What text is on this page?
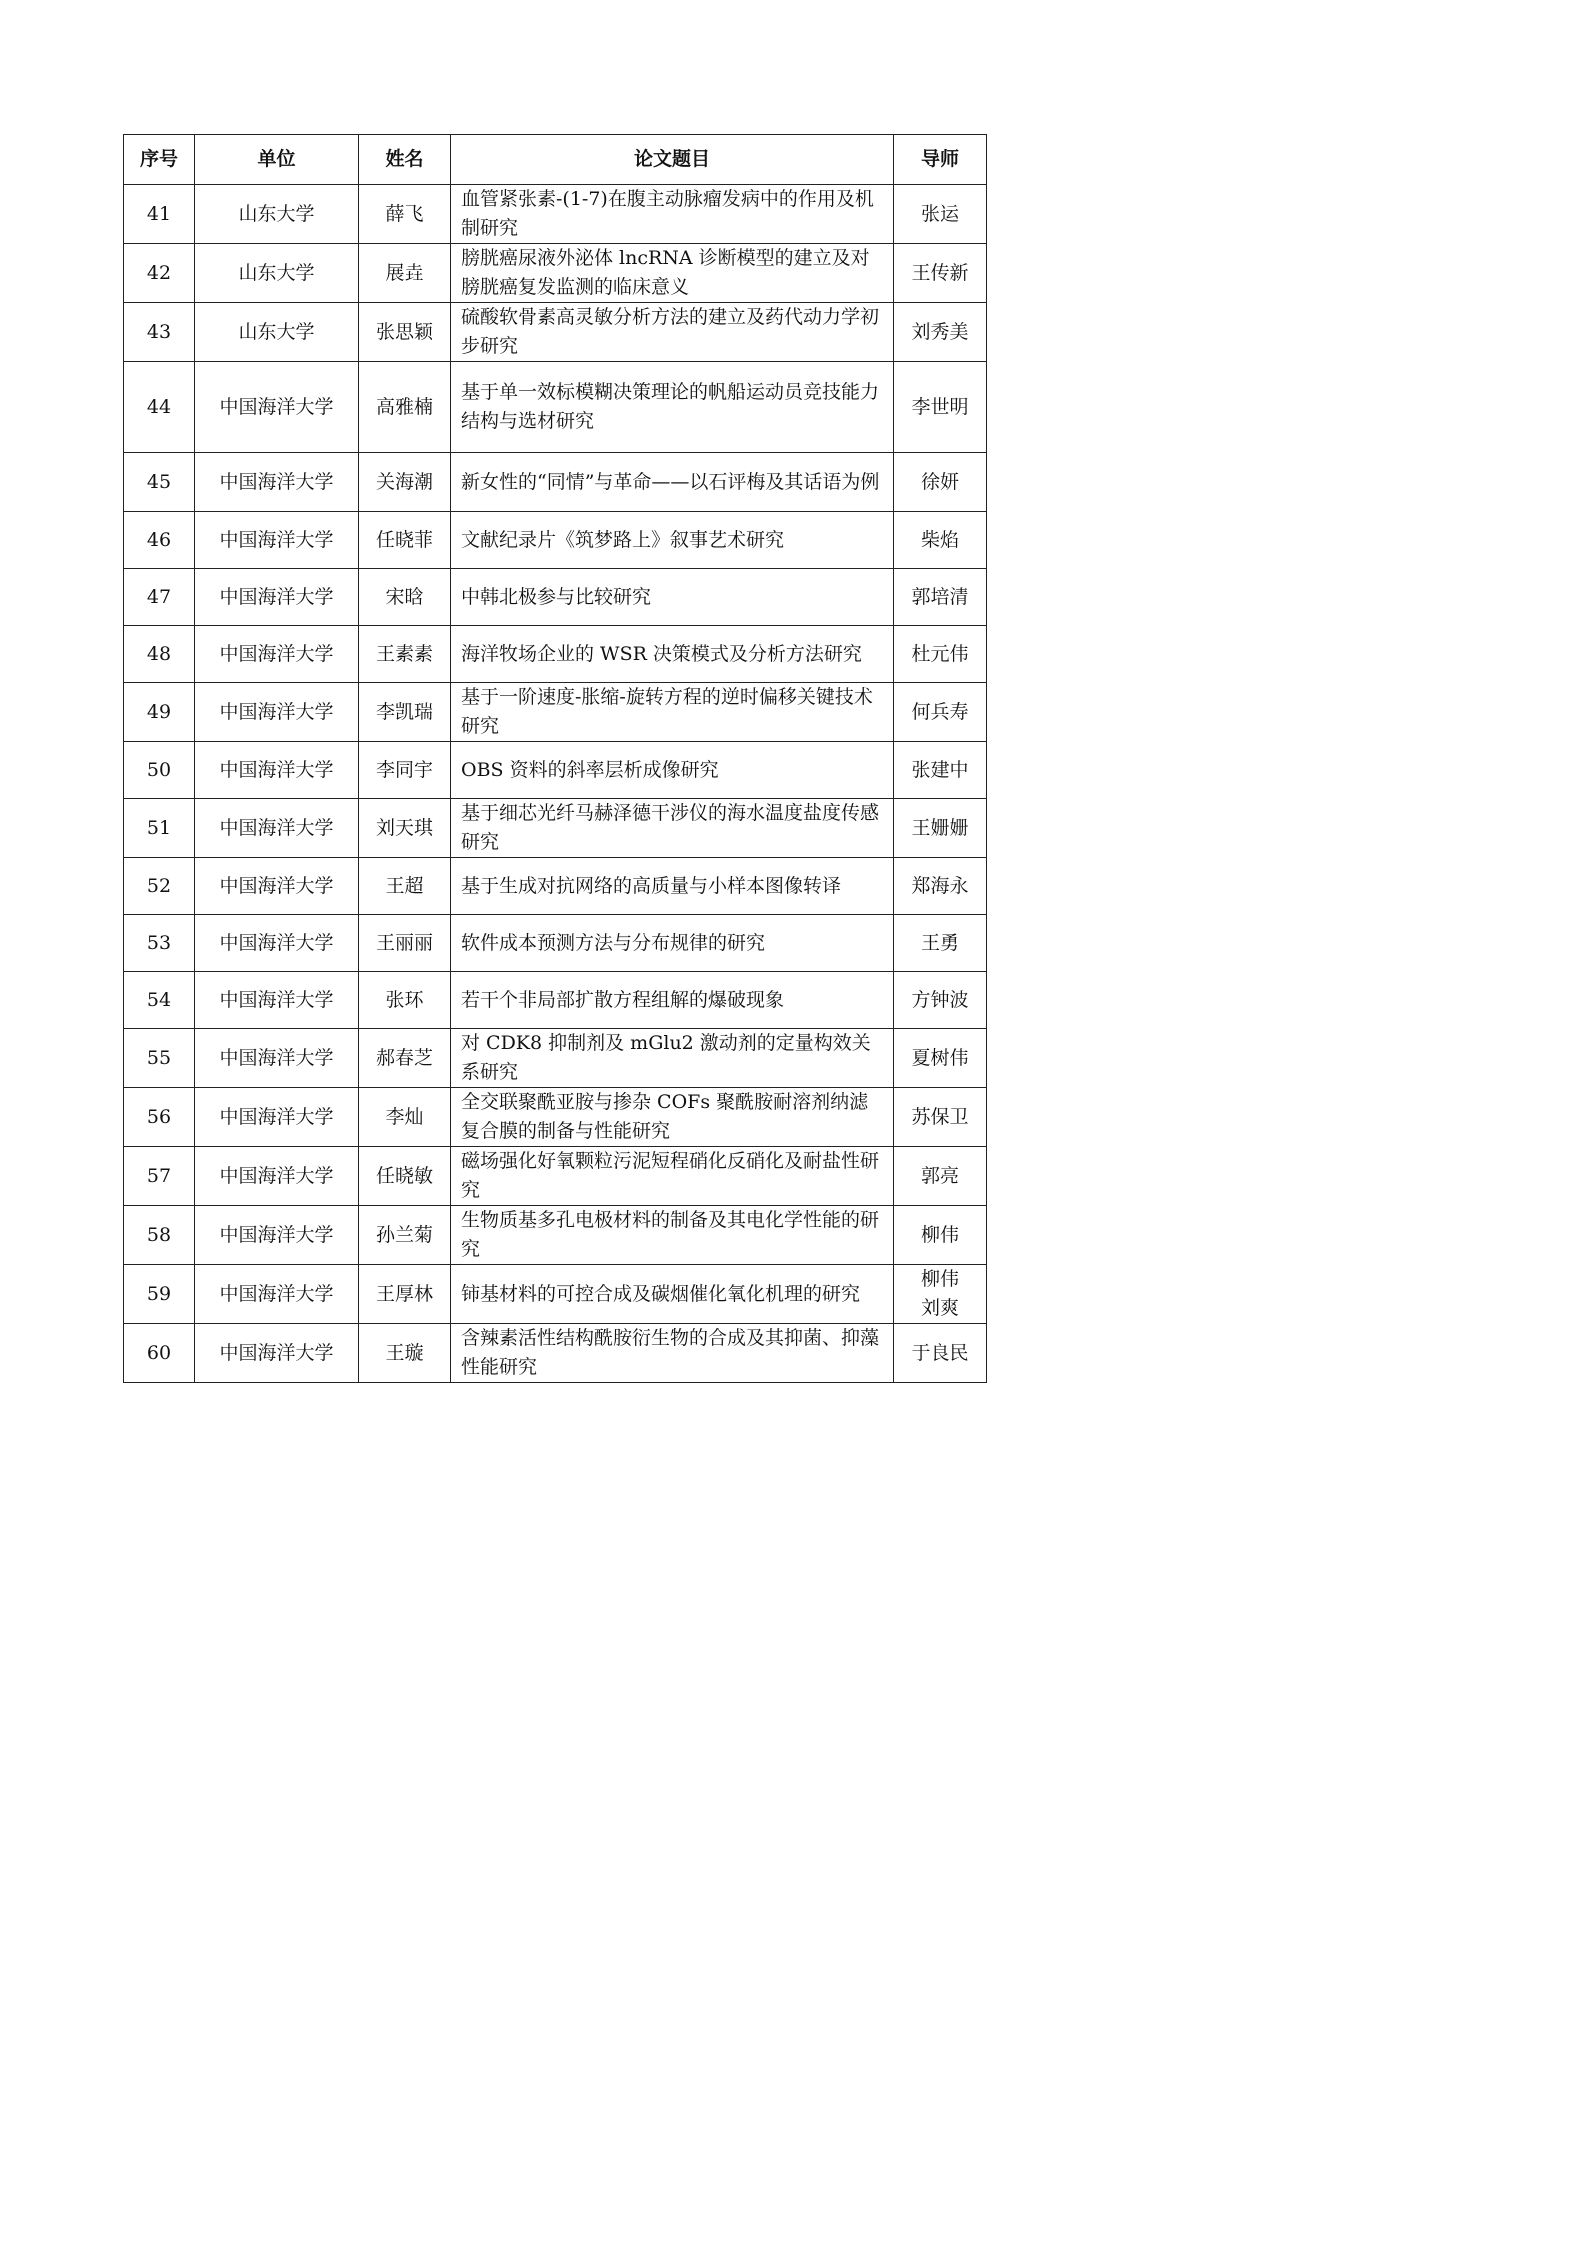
序号	单位	姓名	论文题目	导师
41	山东大学	薛飞	血管紧张素-(1-7)在腹主动脉瘤发病中的作用及机制研究	张运

42	山东大学	展垚	膀胱癌尿液外泌体 lncRNA 诊断模型的建立及对膀胱癌复发监测的临床意义	王传新

43	山东大学	张思颖	硫酸软骨素高灵敏分析方法的建立及药代动力学初步研究	刘秀美

44	中国海洋大学	高雅楠	基于单一效标模糊决策理论的帆船运动员竞技能力结构与选材研究	李世明

45	中国海洋大学	关海潮	新女性的“同情”与革命——以石评梅及其话语为例	徐妍

46	中国海洋大学	任晓菲	文献纪录片《筑梦路上》叙事艺术研究	柴焰

47	中国海洋大学	宋晗	中韩北极参与比较研究	郭培清

48	中国海洋大学	王素素	海洋牧场企业的 WSR 决策模式及分析方法研究	杜元伟

49	中国海洋大学	李凯瑞	基于一阶速度-胀缩-旋转方程的逆时偏移关键技术研究	何兵寿

50	中国海洋大学	李同宇	OBS 资料的斜率层析成像研究	张建中

51	中国海洋大学	刘天琪	基于细芯光纤马赫泽德干涉仪的海水温度盐度传感研究	王姗姗

52	中国海洋大学	王超	基于生成对抗网络的高质量与小样本图像转译	郑海永

53	中国海洋大学	王丽丽	软件成本预测方法与分布规律的研究	王勇

54	中国海洋大学	张环	若干个非局部扩散方程组解的爆破现象	方钟波

55	中国海洋大学	郝春芝	对 CDK8 抑制剂及 mGlu2 激动剂的定量构效关系研究	夏树伟

56	中国海洋大学	李灿	全交联聚酰亚胺与掺杂 COFs 聚酰胺耐溶剂纳滤复合膜的制备与性能研究	苏保卫

57	中国海洋大学	任晓敏	磁场强化好氧颗粒污泥短程硝化反硝化及耐盐性研究	郭亮

58	中国海洋大学	孙兰菊	生物质基多孔电极材料的制备及其电化学性能的研究	柳伟

59	中国海洋大学	王厚林	铈基材料的可控合成及碳烟催化氧化机理的研究	柳伟
刘爽

60	中国海洋大学	王璇	含辣素活性结构酰胺衍生物的合成及其抑菌、抑藻性能研究	于良民
